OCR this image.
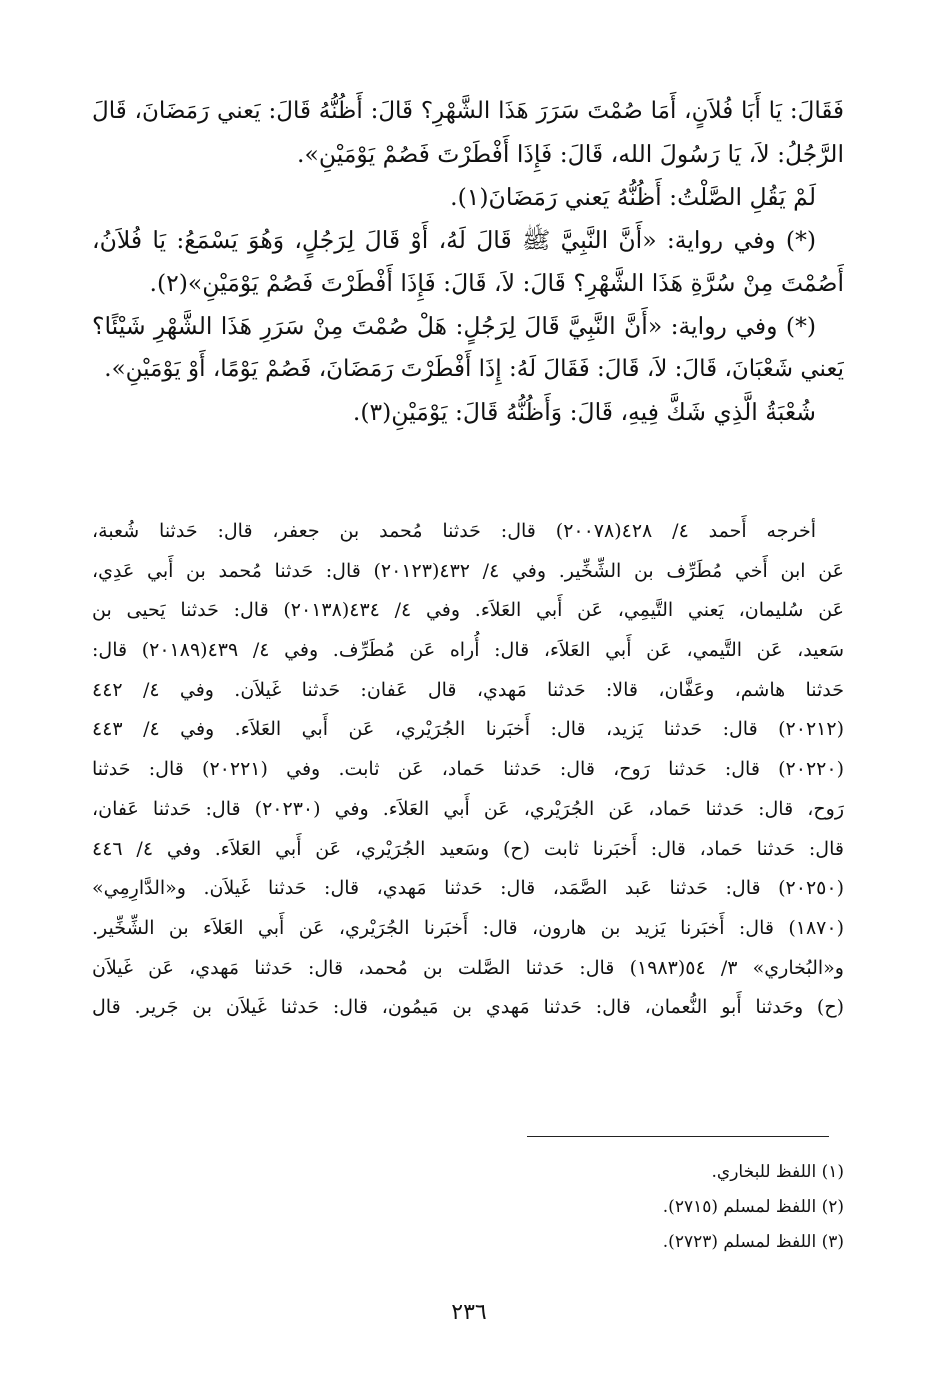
فَقَالَ: يَا أَبَا فُلاَنٍ، أَمَا صُمْتَ سَرَرَ هَذَا الشَّهْرِ؟ قَالَ: أَظُنُّهُ قَالَ: يَعني رَمَضَانَ، قَالَ
الرَّجُلُ: لاَ، يَا رَسُولَ الله، قَالَ: فَإِذَا أَفْطَرْتَ فَصُمْ يَوْمَيْنِ».
لَمْ يَقُلِ الصَّلْتُ: أَظُنُّهُ يَعني رَمَضَانَ(١).
(*) وفي رواية: «أَنَّ النَّبِيَّ ﷺ قَالَ لَهُ، أَوْ قَالَ لِرَجُلٍ، وَهُوَ يَسْمَعُ: يَا فُلاَنُ،
أَصُمْتَ مِنْ سُرَّةِ هَذَا الشَّهْرِ؟ قَالَ: لاَ، قَالَ: فَإِذَا أَفْطَرْتَ فَصُمْ يَوْمَيْنِ»(٢).
(*) وفي رواية: «أَنَّ النَّبِيَّ قَالَ لِرَجُلٍ: هَلْ صُمْتَ مِنْ سَرَرِ هَذَا الشَّهْرِ شَيْئًا؟
يَعني شَعْبَانَ، قَالَ: لاَ، قَالَ: فَقَالَ لَهُ: إِذَا أَفْطَرْتَ رَمَضَانَ، فَصُمْ يَوْمًا، أَوْ يَوْمَيْنِ».
شُعْبَةُ الَّذِي شَكَّ فِيهِ، قَالَ: وَأَظُنُّهُ قَالَ: يَوْمَيْنِ(٣).
أخرجه أَحمد ٤/ ٤٢٨(٢٠٠٧٨) قال: حَدثنا مُحمد بن جعفر، قال: حَدثنا شُعبة،
عَن ابن أَخي مُطَرِّف بن الشِّخِّير. وفي ٤/ ٤٣٢(٢٠١٢٣) قال: حَدثنا مُحمد بن أَبي عَدِي،
عَن سُليمان، يَعني التَّيمِي، عَن أَبي العَلاَء. وفي ٤/ ٤٣٤(٢٠١٣٨) قال: حَدثنا يَحيى بن
سَعيد، عَن التَّيمي، عَن أَبي العَلاَء، قال: أُراه عَن مُطَرِّف. وفي ٤/ ٤٣٩(٢٠١٨٩) قال:
حَدثنا هاشم، وعَفَّان، قالا: حَدثنا مَهدي، قال عَفان: حَدثنا غَيلاَن. وفي ٤/ ٤٤٢
(٢٠٢١٢) قال: حَدثنا يَزيد، قال: أَخبَرنا الجُرَيْري، عَن أَبي العَلاَء. وفي ٤/ ٤٤٣
(٢٠٢٢٠) قال: حَدثنا رَوح، قال: حَدثنا حَماد، عَن ثابت. وفي (٢٠٢٢١) قال: حَدثنا
رَوح، قال: حَدثنا حَماد، عَن الجُرَيْري، عَن أَبي العَلاَء. وفي (٢٠٢٣٠) قال: حَدثنا عَفان،
قال: حَدثنا حَماد، قال: أَخبَرنا ثابت (ح) وسَعيد الجُرَيْري، عَن أَبي العَلاَء. وفي ٤/ ٤٤٦
(٢٠٢٥٠) قال: حَدثنا عَبد الصَّمَد، قال: حَدثنا مَهدي، قال: حَدثنا غَيلاَن. و«الدَّارِمِي»
(١٨٧٠) قال: أَخبَرنا يَزيد بن هارون، قال: أَخبَرنا الجُرَيْري، عَن أَبي العَلاَء بن الشِّخِّير.
و«البُخاري» ٣/ ٥٤(١٩٨٣) قال: حَدثنا الصَّلت بن مُحمد، قال: حَدثنا مَهدي، عَن غَيلاَن
(ح) وحَدثنا أَبو النُّعمان، قال: حَدثنا مَهدي بن مَيمُون، قال: حَدثنا غَيلاَن بن جَرير. قال
(١) اللفظ للبخاري.
(٢) اللفظ لمسلم (٢٧١٥).
(٣) اللفظ لمسلم (٢٧٢٣).
٢٣٦
